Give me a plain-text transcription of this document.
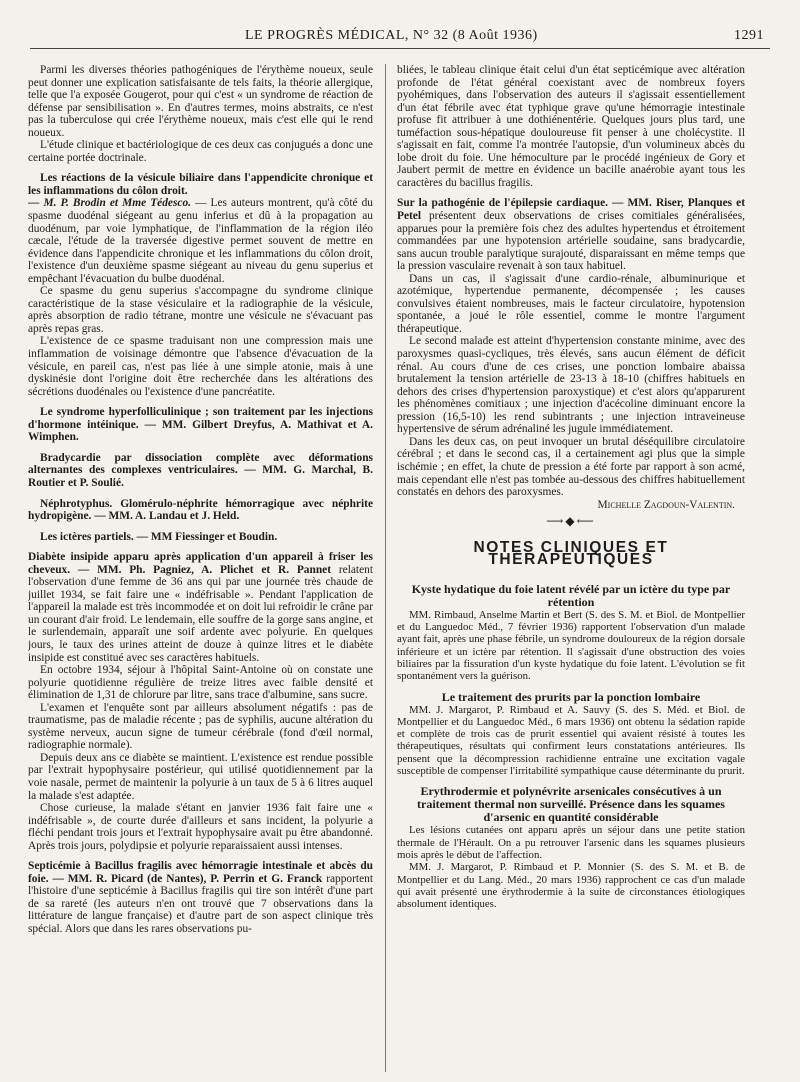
LE PROGRÈS MÉDICAL, N° 32 (8 Août 1936)	1291

Parmi les diverses théories pathogéniques de l'érythème noueux, seule peut donner une explication satisfaisante de tels faits, la théorie allergique, telle que l'a exposée Gougerot, pour qui c'est « un syndrome de réaction de défense par sensibilisation ». En d'autres termes, moins abstraits, ce n'est pas la tuberculose qui crée l'érythème noueux, mais c'est elle qui le rend noueux.

L'étude clinique et bactériologique de ces deux cas conjugués a donc une certaine portée doctrinale.

Les réactions de la vésicule biliaire dans l'appendicite chronique et les inflammations du côlon droit.

— M. P. Brodin et Mme Tédesco. — Les auteurs montrent, qu'à côté du spasme duodénal siégeant au genu inferius et dû à la propagation au duodénum, par voie lymphatique, de l'inflammation de la région iléo cæcale, l'étude de la traversée digestive permet souvent de mettre en évidence dans l'appendicite chronique et les inflammations du côlon droit, l'existence d'un deuxième spasme siégeant au niveau du genu superius et empêchant l'évacuation du bulbe duodénal.

Ce spasme du genu superius s'accompagne du syndrome clinique caractéristique de la stase vésiculaire et la radiographie de la vésicule, après absorption de radio tétrane, montre une vésicule ne s'évacuant pas après repas gras.

L'existence de ce spasme traduisant non une compression mais une inflammation de voisinage démontre que l'absence d'évacuation de la vésicule, en pareil cas, n'est pas liée à une simple atonie, mais à une dyskinésie dont l'origine doit être recherchée dans les altérations des sécrétions duodénales ou l'existence d'une pancréatite.

Le syndrome hyperfolliculinique ; son traitement par les injections d'hormone intéinique. — MM. Gilbert Dreyfus, A. Mathivat et A. Wimphen.

Bradycardie par dissociation complète avec déformations alternantes des complexes ventriculaires. — MM. G. Marchal, B. Routier et P. Soulié.

Néphrotyphus. Glomérulo-néphrite hémorragique avec néphrite hydropigène. — MM. A. Landau et J. Held.

Les ictères partiels. — MM Fiessinger et Boudin.

Diabète insipide apparu après application d'un appareil à friser les cheveux. — MM. Ph. Pagniez, A. Plichet et R. Pannet relatent l'observation d'une femme de 36 ans qui par une journée très chaude de juillet 1934, se fait faire une « indéfrisable ». Pendant l'application de l'appareil la malade est très incommodée et on doit lui refroidir le crâne par un courant d'air froid. Le lendemain, elle souffre de la gorge sans angine, et le surlendemain, apparaît une soif ardente avec polyurie. En quelques jours, le taux des urines atteint de douze à quinze litres et le diabète insipide est constitué avec ses caractères habituels.

En octobre 1934, séjour à l'hôpital Saint-Antoine où on constate une polyurie quotidienne régulière de treize litres avec faible densité et élimination de 1,31 de chlorure par litre, sans trace d'albumine, sans sucre.

L'examen et l'enquête sont par ailleurs absolument négatifs : pas de traumatisme, pas de maladie récente ; pas de syphilis, aucune altération du système nerveux, aucun signe de tumeur cérébrale (fond d'œil normal, radiographie normale).

Depuis deux ans ce diabète se maintient. L'existence est rendue possible par l'extrait hypophysaire postérieur, qui utilisé quotidiennement par la voie nasale, permet de maintenir la polyurie à un taux de 5 à 6 litres auquel la malade s'est adaptée.

Chose curieuse, la malade s'étant en janvier 1936 fait faire une « indéfrisable », de courte durée d'ailleurs et sans incident, la polyurie a fléchi pendant trois jours et l'extrait hypophysaire avait pu être abandonné. Après trois jours, polydipsie et polyurie reparaissaient aussi intenses.

Septicémie à Bacillus fragilis avec hémorragie intestinale et abcès du foie. — MM. R. Picard (de Nantes), P. Perrin et G. Franck rapportent l'histoire d'une septicémie à Bacillus fragilis qui tire son intérêt d'une part de sa rareté (les auteurs n'en ont trouvé que 7 observations dans la littérature de langue française) et d'autre part de son aspect clinique très spécial. Alors que dans les rares observations pu-

bliées, le tableau clinique était celui d'un état septicémique avec altération profonde de l'état général coexistant avec de nombreux foyers pyohémiques, dans l'observation des auteurs il s'agissait essentiellement d'un état fébrile avec état typhique grave qu'une hémorragie intestinale profuse fit attribuer à une dothiénentérie. Quelques jours plus tard, une tuméfaction sous-hépatique douloureuse fit penser à une cholécystite. Il s'agissait en fait, comme l'a montrée l'autopsie, d'un volumineux abcès du lobe droit du foie. Une hémoculture par le procédé ingénieux de Gory et Jaubert permit de mettre en évidence un bacille anaérobie ayant tous les caractères du bacillus fragilis.

Sur la pathogénie de l'épilepsie cardiaque. — MM. Riser, Planques et Petel présentent deux observations de crises comitiales généralisées, apparues pour la première fois chez des adultes hypertendus et étroitement commandées par une hypotension artérielle soudaine, sans bradycardie, sans aucun trouble paralytique surajouté, disparaissant en même temps que la pression vasculaire revenait à son taux habituel.

Dans un cas, il s'agissait d'une cardio-rénale, albuminurique et azotémique, hypertendue permanente, décompensée ; les causes convulsives étaient nombreuses, mais le facteur circulatoire, hypotension spontanée, a joué le rôle essentiel, comme le montre l'argument thérapeutique.

Le second malade est atteint d'hypertension constante minime, avec des paroxysmes quasi-cycliques, très élevés, sans aucun élément de déficit rénal. Au cours d'une de ces crises, une ponction lombaire abaissa brutalement la tension artérielle de 23-13 à 18-10 (chiffres habituels en dehors des crises d'hypertension paroxystique) et c'est alors qu'apparurent les phénomènes comitiaux ; une injection d'acécoline diminuant encore la pression (16,5-10) les rend subintrants ; une injection intraveineuse hypertensive de sérum adrénaliné les jugule immédiatement.

Dans les deux cas, on peut invoquer un brutal déséquilibre circulatoire cérébral ; et dans le second cas, il a certainement agi plus que la simple ischémie ; en effet, la chute de pression a été forte par rapport à son acmé, mais cependant elle n'est pas tombée au-dessous des chiffres habituellement constatés en dehors des paroxysmes.

Michelle Zagdoun-Valentin.

⟶◆⟵
NOTES CLINIQUES ET THÉRAPEUTIQUES
Kyste hydatique du foie latent révélé par un ictère du type par rétention

MM. Rimbaud, Anselme Martin et Bert (S. des S. M. et Biol. de Montpellier et du Languedoc Méd., 7 février 1936) rapportent l'observation d'un malade ayant fait, après une phase fébrile, un syndrome douloureux de la région dorsale inférieure et un ictère par rétention. Il s'agissait d'une obstruction des voies biliaires par la fissuration d'un kyste hydatique du foie latent. L'évolution se fit spontanément vers la guérison.

Le traitement des prurits par la ponction lombaire

MM. J. Margarot, P. Rimbaud et A. Sauvy (S. des S. Méd. et Biol. de Montpellier et du Languedoc Méd., 6 mars 1936) ont obtenu la sédation rapide et complète de trois cas de prurit essentiel qui avaient résisté à toutes les thérapeutiques, résultats qui confirment leurs constatations antérieures. Ils pensent que la décompression rachidienne entraîne une excitation vagale susceptible de compenser l'irritabilité sympathique cause déterminante du prurit.

Erythrodermie et polynévrite arsenicales consécutives à un traitement thermal non surveillé. Présence dans les squames d'arsenic en quantité considérable

Les lésions cutanées ont apparu après un séjour dans une petite station thermale de l'Hérault. On a pu retrouver l'arsenic dans les squames plusieurs mois après le début de l'affection.

MM. J. Margarot, P. Rimbaud et P. Monnier (S. des S. M. et B. de Montpellier et du Lang. Méd., 20 mars 1936) rapprochent ce cas d'un malade qui avait présenté une érythrodermie à la suite de circonstances étiologiques absolument identiques.
